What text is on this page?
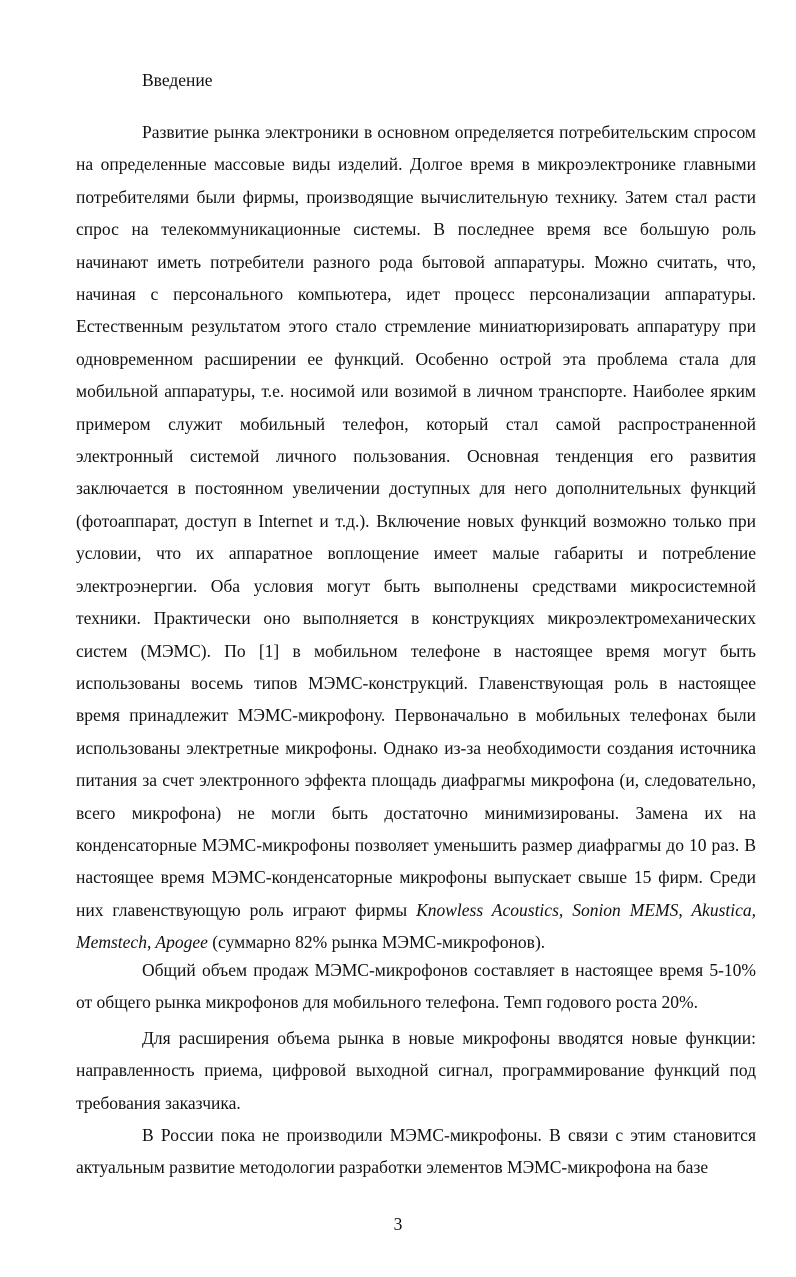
Введение

Развитие рынка электроники в основном определяется потребительским спросом на определенные массовые виды изделий. Долгое время в микроэлектронике главными потребителями были фирмы, производящие вычислительную технику. Затем стал расти спрос на телекоммуникационные системы. В последнее время все большую роль начинают иметь потребители разного рода бытовой аппаратуры. Можно считать, что, начиная с персонального компьютера, идет процесс персонализации аппаратуры. Естественным результатом этого стало стремление миниатюризировать аппаратуру при одновременном расширении ее функций. Особенно острой эта проблема стала для мобильной аппаратуры, т.е. носимой или возимой в личном транспорте. Наиболее ярким примером служит мобильный телефон, который стал самой распространенной электронный системой личного пользования. Основная тенденция его развития заключается в постоянном увеличении доступных для него дополнительных функций (фотоаппарат, доступ в Internet и т.д.). Включение новых функций возможно только при условии, что их аппаратное воплощение имеет малые габариты и потребление электроэнергии. Оба условия могут быть выполнены средствами микросистемной техники. Практически оно выполняется в конструкциях микроэлектромеханических систем (МЭМС). По [1] в мобильном телефоне в настоящее время могут быть использованы восемь типов МЭМС-конструкций. Главенствующая роль в настоящее время принадлежит МЭМС-микрофону. Первоначально в мобильных телефонах были использованы электретные микрофоны. Однако из-за необходимости создания источника питания за счет электронного эффекта площадь диафрагмы микрофона (и, следовательно, всего микрофона) не могли быть достаточно минимизированы. Замена их на конденсаторные МЭМС-микрофоны позволяет уменьшить размер диафрагмы до 10 раз. В настоящее время МЭМС-конденсаторные микрофоны выпускает свыше 15 фирм. Среди них главенствующую роль играют фирмы Knowless Acoustics, Sonion MEMS, Akustica, Memstech, Apogee (суммарно 82% рынка МЭМС-микрофонов).

Общий объем продаж МЭМС-микрофонов составляет в настоящее время 5-10% от общего рынка микрофонов для мобильного телефона. Темп годового роста 20%.

Для расширения объема рынка в новые микрофоны вводятся новые функции: направленность приема, цифровой выходной сигнал, программирование функций под требования заказчика.

В России пока не производили МЭМС-микрофоны. В связи с этим становится актуальным развитие методологии разработки элементов МЭМС-микрофона на базе

3
